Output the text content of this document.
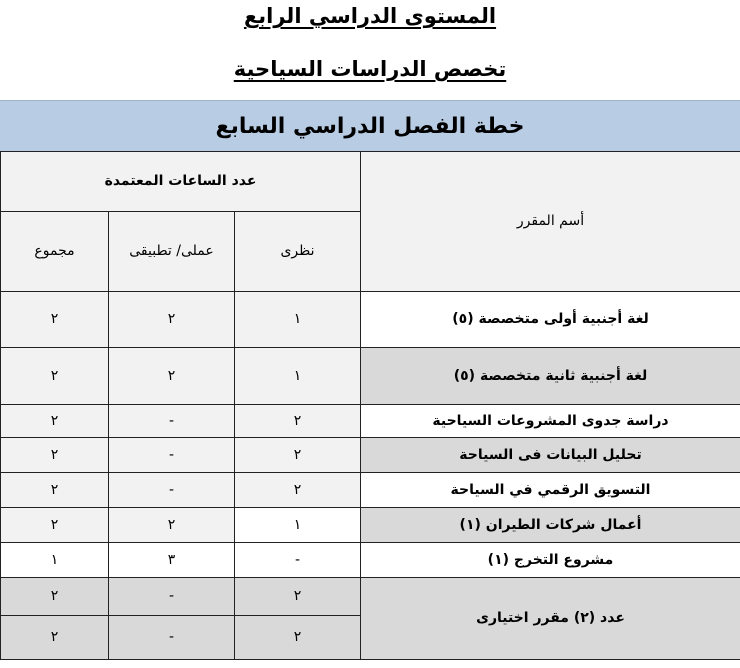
المستوى الدراسي الرابع
تخصص الدراسات السياحية
خطة الفصل الدراسي السابع
عدد الساعات المعتمدة			أسم المقرر
مجموع	عملى/ تطبيقى	نظرى	
٢	٢	١	لغة أجنبية أولى متخصصة (٥)
٢	٢	١	لغة أجنبية ثانية متخصصة (٥)
٢	-	٢	دراسة جدوى المشروعات السياحية
٢	-	٢	تحليل البيانات فى السياحة
٢	-	٢	التسويق الرقمي في السياحة
٢	٢	١	أعمال شركات الطيران (١)
١	٣	-	مشروع التخرج (١)
٢	-	٢	عدد (٢) مقرر اختيارى
٢	-	٢	
